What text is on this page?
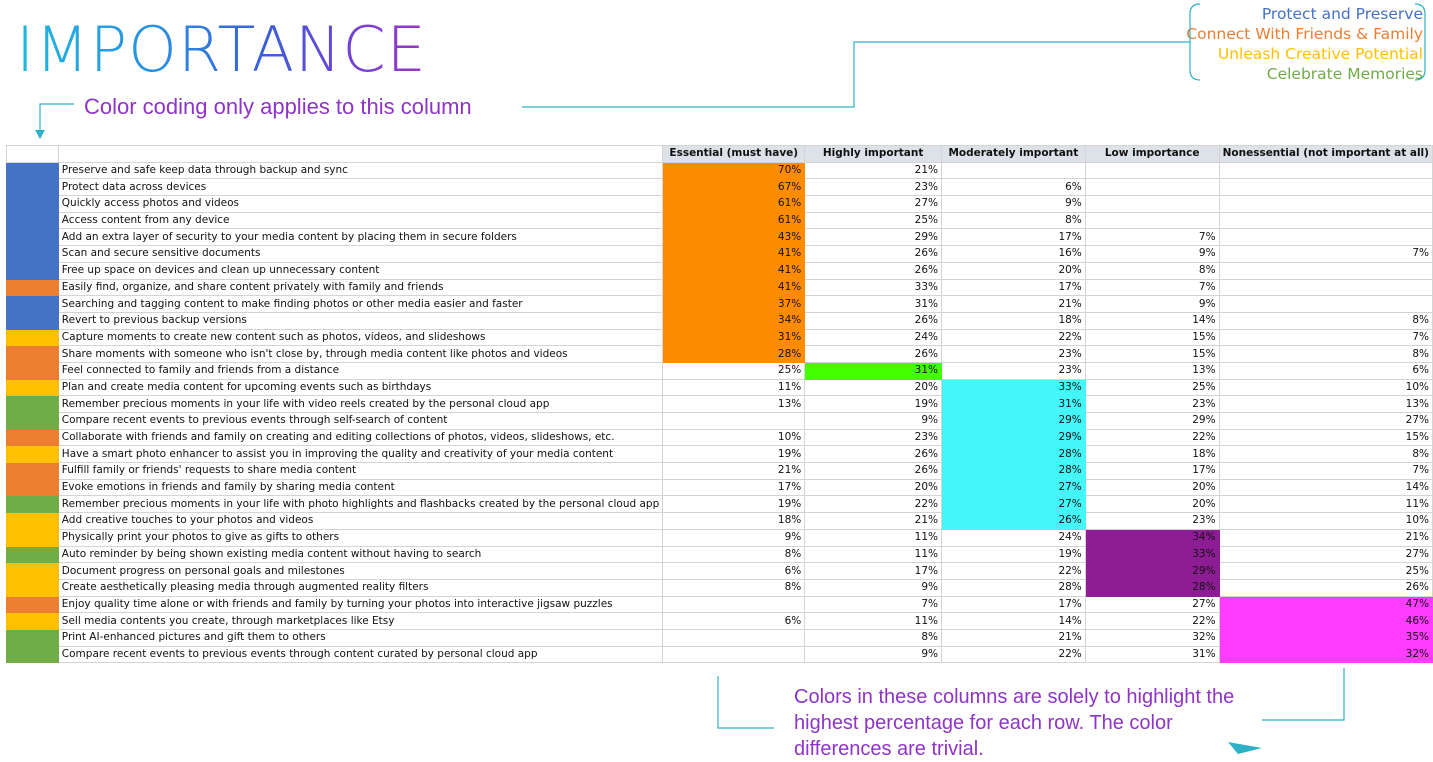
IMPORTANCE	Protect and Preserve
Connect With Friends & Family
Unleash Creative Potential
Celebrate Memories
Color coding only applies to this column
		Essential (must have)	Highly important	Moderately important	Low importance	Nonessential (not important at all)
	Preserve and safe keep data through backup and sync	70%	21%			
	Protect data across devices	67%	23%	6%		
	Quickly access photos and videos	61%	27%	9%		
	Access content from any device	61%	25%	8%		
	Add an extra layer of security to your media content by placing them in secure folders	43%	29%	17%	7%	
	Scan and secure sensitive documents	41%	26%	16%	9%	7%
	Free up space on devices and clean up unnecessary content	41%	26%	20%	8%	
	Easily find, organize, and share content privately with family and friends	41%	33%	17%	7%	
	Searching and tagging content to make finding photos or other media easier and faster	37%	31%	21%	9%	
	Revert to previous backup versions	34%	26%	18%	14%	8%
	Capture moments to create new content such as photos, videos, and slideshows	31%	24%	22%	15%	7%
	Share moments with someone who isn't close by, through media content like photos and videos	28%	26%	23%	15%	8%
	Feel connected to family and friends from a distance	25%	31%	23%	13%	6%
	Plan and create media content for upcoming events such as birthdays	11%	20%	33%	25%	10%
	Remember precious moments in your life with video reels created by the personal cloud app	13%	19%	31%	23%	13%
	Compare recent events to previous events through self-search of content		9%	29%	29%	27%
	Collaborate with friends and family on creating and editing collections of photos, videos, slideshows, etc.	10%	23%	29%	22%	15%
	Have a smart photo enhancer to assist you in improving the quality and creativity of your media content	19%	26%	28%	18%	8%
	Fulfill family or friends' requests to share media content	21%	26%	28%	17%	7%
	Evoke emotions in friends and family by sharing media content	17%	20%	27%	20%	14%
	Remember precious moments in your life with photo highlights and flashbacks created by the personal cloud app	19%	22%	27%	20%	11%
	Add creative touches to your photos and videos	18%	21%	26%	23%	10%
	Physically print your photos to give as gifts to others	9%	11%	24%	34%	21%
	Auto reminder by being shown existing media content without having to search	8%	11%	19%	33%	27%
	Document progress on personal goals and milestones	6%	17%	22%	29%	25%
	Create aesthetically pleasing media through augmented reality filters	8%	9%	28%	28%	26%
	Enjoy quality time alone or with friends and family by turning your photos into interactive jigsaw puzzles		7%	17%	27%	47%
	Sell media contents you create, through marketplaces like Etsy	6%	11%	14%	22%	46%
	Print AI-enhanced pictures and gift them to others		8%	21%	32%	35%
	Compare recent events to previous events through content curated by personal cloud app		9%	22%	31%	32%
Colors in these columns are solely to highlight the highest percentage for each row. The color differences are trivial.
